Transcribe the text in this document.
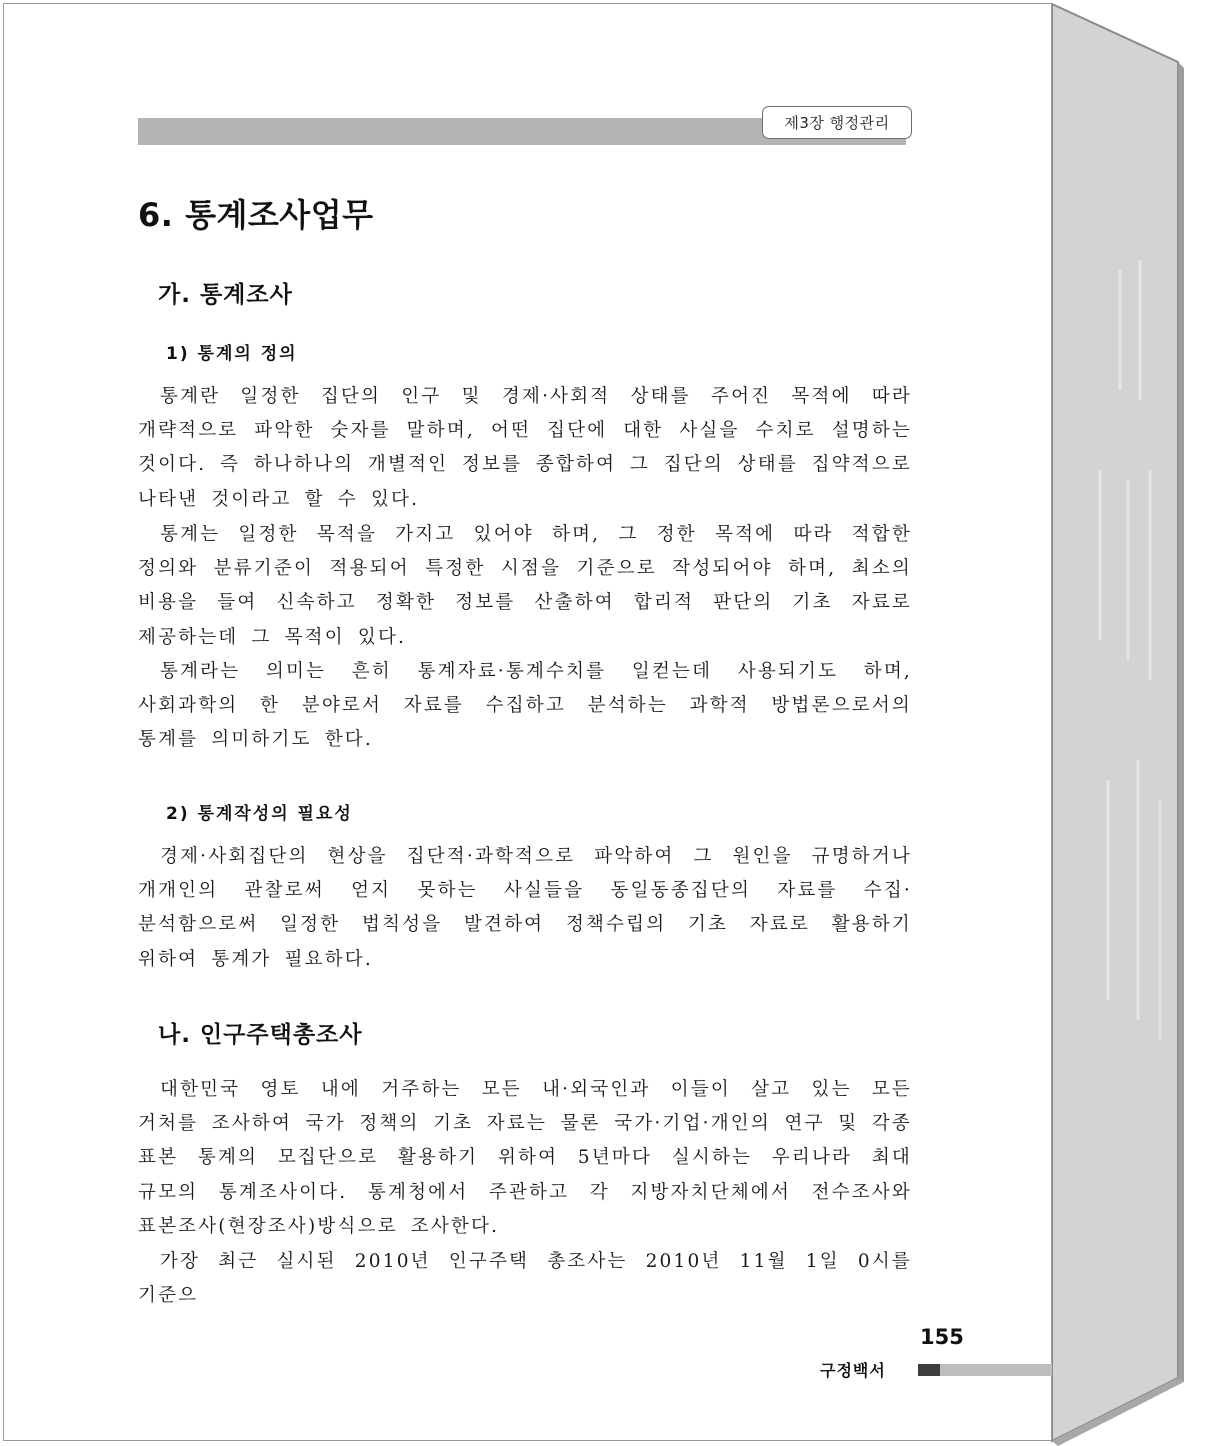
제3장 행정관리
6. 통계조사업무
가. 통계조사
1) 통계의 정의

통계란 일정한 집단의 인구 및 경제·사회적 상태를 주어진 목적에 따라 개략적으로 파악한 숫자를 말하며, 어떤 집단에 대한 사실을 수치로 설명하는 것이다. 즉 하나하나의 개별적인 정보를 종합하여 그 집단의 상태를 집약적으로 나타낸 것이라고 할 수 있다.

통계는 일정한 목적을 가지고 있어야 하며, 그 정한 목적에 따라 적합한 정의와 분류기준이 적용되어 특정한 시점을 기준으로 작성되어야 하며, 최소의 비용을 들여 신속하고 정확한 정보를 산출하여 합리적 판단의 기초 자료로 제공하는데 그 목적이 있다.

통계라는 의미는 흔히 통계자료·통계수치를 일컫는데 사용되기도 하며, 사회과학의 한 분야로서 자료를 수집하고 분석하는 과학적 방법론으로서의 통계를 의미하기도 한다.

2) 통계작성의 필요성

경제·사회집단의 현상을 집단적·과학적으로 파악하여 그 원인을 규명하거나 개개인의 관찰로써 얻지 못하는 사실들을 동일동종집단의 자료를 수집·분석함으로써 일정한 법칙성을 발견하여 정책수립의 기초 자료로 활용하기 위하여 통계가 필요하다.

나. 인구주택총조사

대한민국 영토 내에 거주하는 모든 내·외국인과 이들이 살고 있는 모든 거처를 조사하여 국가 정책의 기초 자료는 물론 국가·기업·개인의 연구 및 각종 표본 통계의 모집단으로 활용하기 위하여 5년마다 실시하는 우리나라 최대 규모의 통계조사이다. 통계청에서 주관하고 각 지방자치단체에서 전수조사와 표본조사(현장조사)방식으로 조사한다.

가장 최근 실시된 2010년 인구주택 총조사는 2010년 11월 1일 0시를 기준으

155
구정백서
